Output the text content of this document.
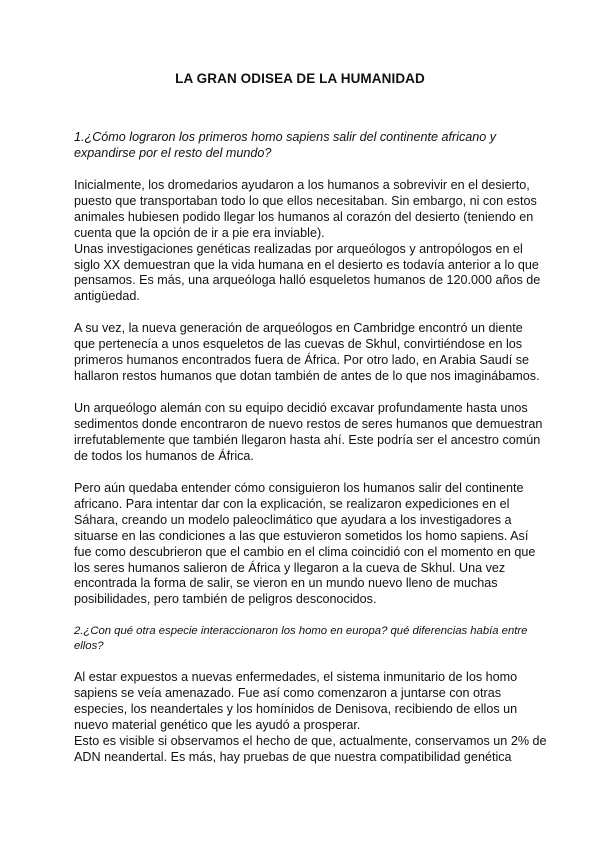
LA GRAN ODISEA DE LA HUMANIDAD
1.¿Cómo lograron los primeros homo sapiens salir del continente africano y
expandirse por el resto del mundo?
Inicialmente, los dromedarios ayudaron a los humanos a sobrevivir en el desierto,
puesto que transportaban todo lo que ellos necesitaban. Sin embargo, ni con estos
animales hubiesen podido llegar los humanos al corazón del desierto (teniendo en
cuenta que la opción de ir a pie era inviable).
Unas investigaciones genéticas realizadas por arqueólogos y antropólogos en el
siglo XX demuestran que la vida humana en el desierto es todavía anterior a lo que
pensamos. Es más, una arqueóloga halló esqueletos humanos de 120.000 años de
antigüedad.
A su vez, la nueva generación de arqueólogos en Cambridge encontró un diente
que pertenecía a unos esqueletos de las cuevas de Skhul, convirtiéndose en los
primeros humanos encontrados fuera de África. Por otro lado, en Arabia Saudí se
hallaron restos humanos que dotan también de antes de lo que nos imaginábamos.
Un arqueólogo alemán con su equipo decidió excavar profundamente hasta unos
sedimentos donde encontraron de nuevo restos de seres humanos que demuestran
irrefutablemente que también llegaron hasta ahí. Este podría ser el ancestro común
de todos los humanos de África.
Pero aún quedaba entender cómo consiguieron los humanos salir del continente
africano. Para intentar dar con la explicación, se realizaron expediciones en el
Sáhara, creando un modelo paleoclimático que ayudara a los investigadores a
situarse en las condiciones a las que estuvieron sometidos los homo sapiens. Así
fue como descubrieron que el cambio en el clima coincidió con el momento en que
los seres humanos salieron de África y llegaron a la cueva de Skhul. Una vez
encontrada la forma de salir, se vieron en un mundo nuevo lleno de muchas
posibilidades, pero también de peligros desconocidos.
2.¿Con qué otra especie interaccionaron los homo en europa? qué diferencias había entre
ellos?
Al estar expuestos a nuevas enfermedades, el sistema inmunitario de los homo
sapiens se veía amenazado. Fue así como comenzaron a juntarse con otras
especies, los neandertales y los homínidos de Denisova, recibiendo de ellos un
nuevo material genético que les ayudó a prosperar.
Esto es visible si observamos el hecho de que, actualmente, conservamos un 2% de
ADN neandertal. Es más, hay pruebas de que nuestra compatibilidad genética
